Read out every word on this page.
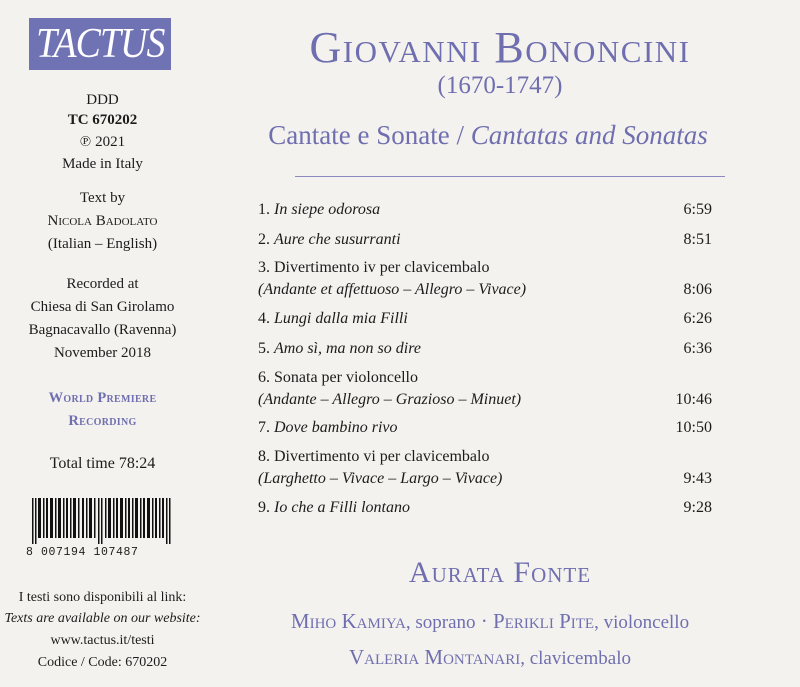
TACTUS
DDD
TC 670202
℗ 2021
Made in Italy
Text by
Nicola Badolato
(Italian – English)
Recorded at
Chiesa di San Girolamo
Bagnacavallo (Ravenna)
November 2018
World Premiere
Recording
Total time 78:24
8 007194 107487
I testi sono disponibili al link:
Texts are available on our website:
www.tactus.it/testi
Codice / Code: 670202
Giovanni Bononcini
(1670-1747)
Cantate e Sonate / Cantatas and Sonatas
1. In siepe odorosa	6:59
2. Aure che susurranti	8:51
3. Divertimento iv per clavicembalo
(Andante et affettuoso – Allegro – Vivace)	8:06
4. Lungi dalla mia Filli	6:26
5. Amo sì, ma non so dire	6:36
6. Sonata per violoncello
(Andante – Allegro – Grazioso – Minuet)	10:46
7. Dove bambino rivo	10:50
8. Divertimento vi per clavicembalo
(Larghetto – Vivace – Largo – Vivace)	9:43
9. Io che a Filli lontano	9:28
Aurata Fonte
Miho Kamiya, soprano · Perikli Pite, violoncello
Valeria Montanari, clavicembalo
